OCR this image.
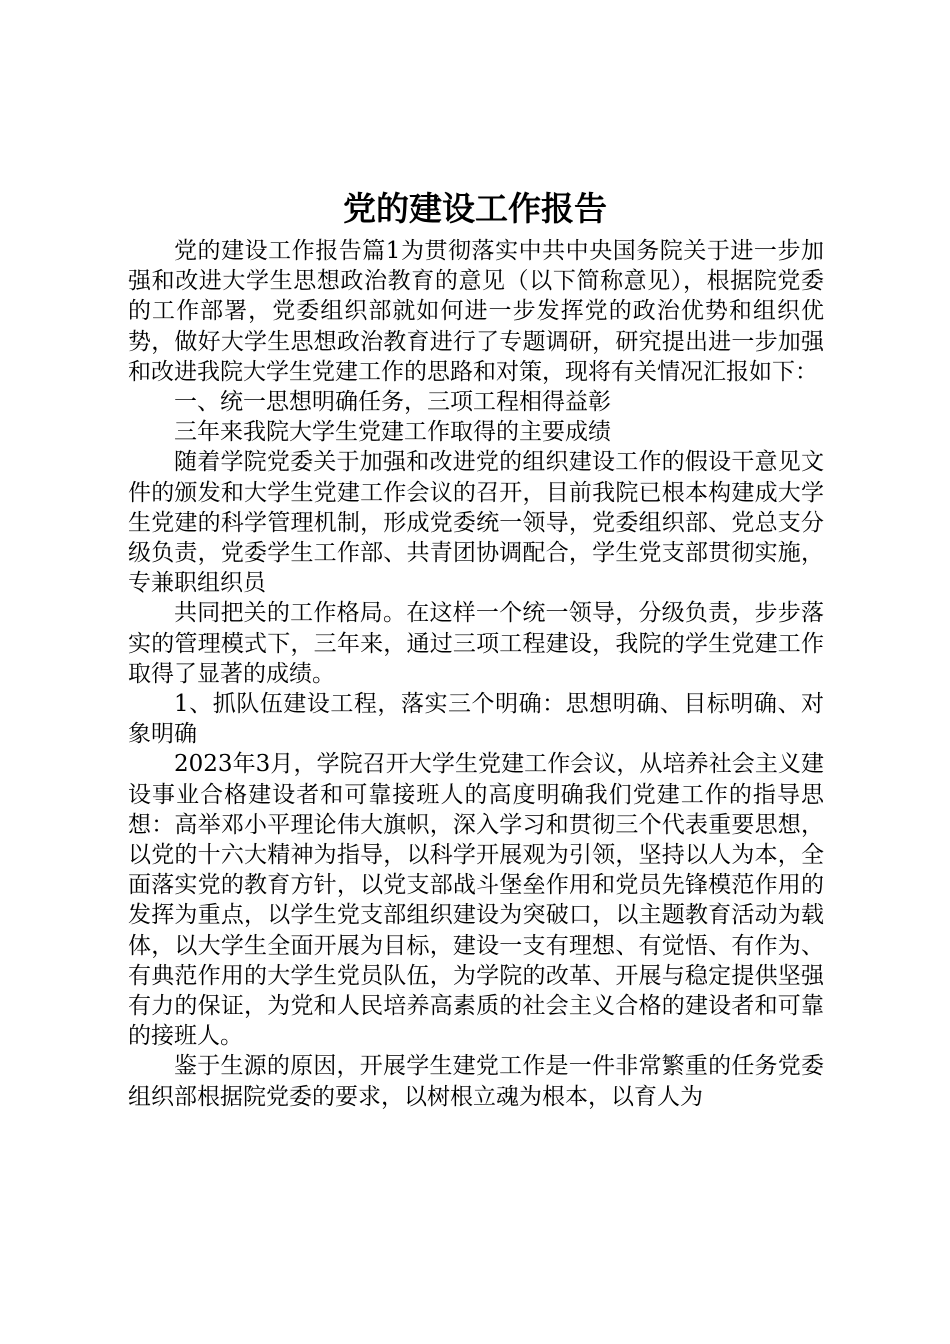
党的建设工作报告

党的建设工作报告篇1为贯彻落实中共中央国务院关于进一步加强和改进大学生思想政治教育的意见（以下简称意见），根据院党委的工作部署，党委组织部就如何进一步发挥党的政治优势和组织优势，做好大学生思想政治教育进行了专题调研，研究提出进一步加强和改进我院大学生党建工作的思路和对策，现将有关情况汇报如下：

一、统一思想明确任务，三项工程相得益彰

三年来我院大学生党建工作取得的主要成绩

随着学院党委关于加强和改进党的组织建设工作的假设干意见文件的颁发和大学生党建工作会议的召开，目前我院已根本构建成大学生党建的科学管理机制，形成党委统一领导，党委组织部、党总支分级负责，党委学生工作部、共青团协调配合，学生党支部贯彻实施，专兼职组织员

共同把关的工作格局。在这样一个统一领导，分级负责，步步落实的管理模式下，三年来，通过三项工程建设，我院的学生党建工作取得了显著的成绩。

1、抓队伍建设工程，落实三个明确：思想明确、目标明确、对象明确

2023年3月，学院召开大学生党建工作会议，从培养社会主义建设事业合格建设者和可靠接班人的高度明确我们党建工作的指导思想：高举邓小平理论伟大旗帜，深入学习和贯彻三个代表重要思想，以党的十六大精神为指导，以科学开展观为引领，坚持以人为本，全面落实党的教育方针，以党支部战斗堡垒作用和党员先锋模范作用的发挥为重点，以学生党支部组织建设为突破口，以主题教育活动为载体，以大学生全面开展为目标，建设一支有理想、有觉悟、有作为、有典范作用的大学生党员队伍，为学院的改革、开展与稳定提供坚强有力的保证，为党和人民培养高素质的社会主义合格的建设者和可靠的接班人。

鉴于生源的原因，开展学生建党工作是一件非常繁重的任务党委组织部根据院党委的要求，以树根立魂为根本，以育人为
